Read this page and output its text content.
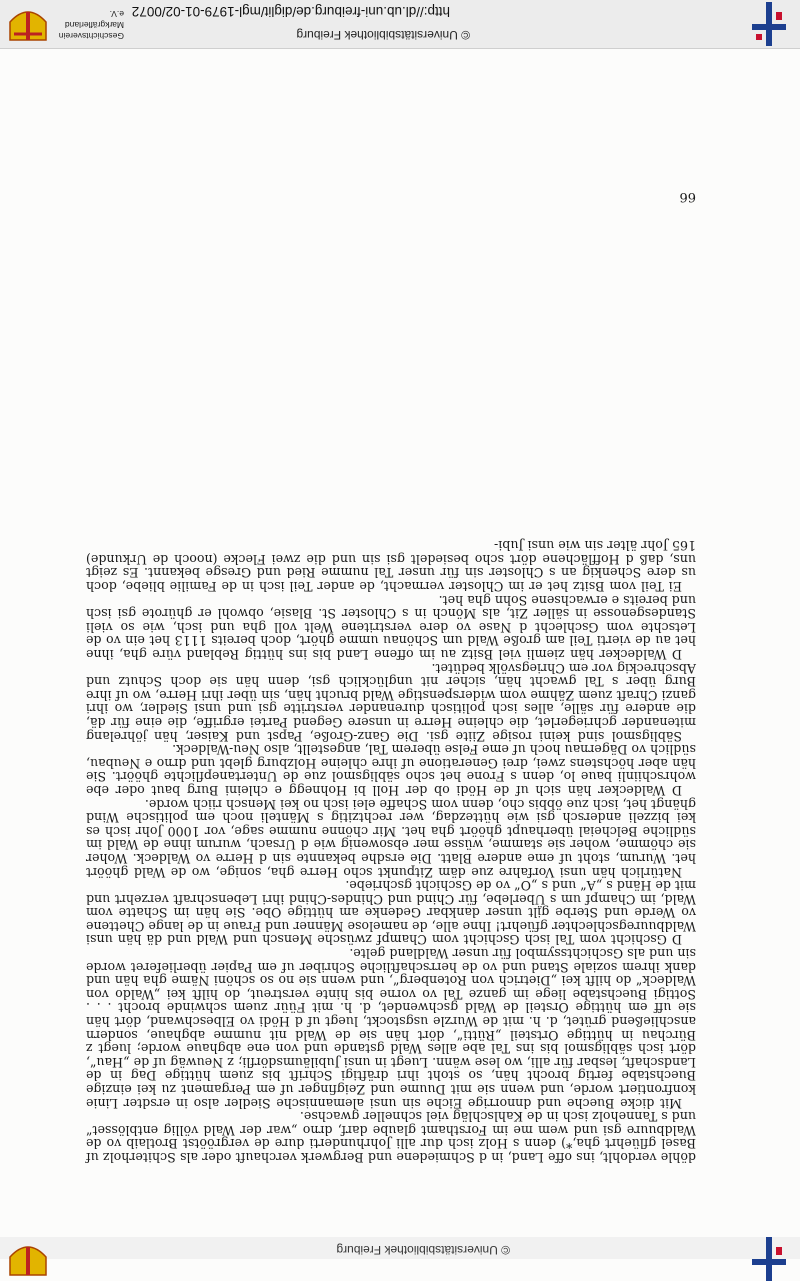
© Universitätsbibliothek Freiburg

döhle verdohlt, ins offe Land, in d Schmiedene und Bergwerk verchauft oder als Schiterholz uf Basel gflüehrt gha,*) denn s Holz isch dur alli Johrhunderti dure de vergröötst Brotlaib vo de Waldbuure gsi und wem me im Forsthamt glaube darf, drno „war der Wald völlig entblösset“ und s Tanneholz isch in de Kahlschläg viel schneller gwachse.

Mit dicke Bueche und dnnorrige Eiche sin unsi alemannische Siedler also in ersdter Linie konfrontiert worde, und wenn sie mit Duume und Zeigfinger uf em Pergament zu kei einzige Buechstabe fertig brocht hän, so stoht ihri dräftigi Schrift bis zuem hüttige Dag in de Landschaft, lesbar für alli, wo lese wänn. Luegt in unsi Jubiläumsdörfli; z Neuwäg uf de „Hau“, dört isch säbligsmol bis ins Tal abe alles Wald gstande und von ene abghaue worde; luegt z Bürchau in hüttige Ortsteil „Rütti“, dört hän sie de Wald nit numme abghaue, sondern anschließend grütet, d. h. mit de Wurzle usgstockt, luegt uf d Hödi vo Elbeschwand, dört hän sie uff em hüttige Orsteil de Wald gschwendet, d. h. mit Füür zuem schwinde brocht . . . Sottigi Buechstabe liege im ganze Tal vo vorne bis hinte verstreut, do hilft kei „Waldo von Waldeck“ do hilft kei „Dietrich von Rotenberg“, und wenn sie no so schöni Näme gha hän und dank ihrem soziale Stand und vo de herrschaftliche Schriber uf em Papier überlieferet worde sin und als Gschichtssymbol für unser Waldland gelte.

D Gschicht vom Tal isch Gschicht vom Champf zwüsche Mensch und Wald und dä hän unsi Waldbuuregschlechter gfüehrt! Ihne alle, de namelose Männer und Fraue in de lange Chettene vo Werde und Sterbe gilt unser dankbar Gedenke am hüttige Obe. Sie hän im Schatte vom Wald, im Champf um s Überlebe, für Chind und Chindes-Chind ihri Lebenschraft verzehrt und mit de Händ s „A“ und s „O“ vo de Gschicht gschriebe.

Natürlich hän unsi Vorfahre zue däm Zitpunkt scho Herre gha, sonige, wo de Wald ghöört het. Wurum, stoht uf eme andere Blatt. Die ersdhe bekannte sin d Herre vo Waldeck. Woher sie chömme, woher sie stamme, wüsse mer ebsowenig wie d Ursach, wurum ihne de Wald im südliche Belcheial überhaupt ghöört gha het. Mir chönne numme sage, vor 1000 Johr isch es kei bizzeli andersch gsi wie hüttezdag, wer rechtzitig s Mänteli noch em politische Wind ghängt het, isch zue öbbis cho, denn vom Schaffe elei isch no kei Mensch riich worde.

D Waldecker hän sich uf de Hödi ob der Holl bi Hohnegg e chleini Burg baut oder ebe wohrschiinli baue lo, denn s Frone het scho säbligsmol zue de Untertanepflichte ghöört. Sie hän aber höchstens zwei, drei Generatione uf ihre chleine Holzburg glebt und drno e Neubau, südlich vo Dägernau hoch uf eme Felse überem Tal, angestellt, also Neu-Waldeck.

Säbligsmol sind keini rosige Ziite gsi. Die Ganz-Große, Papst und Kaiser, hän jöhrelang mitenander gchriegerlet, die chleine Herre in unsere Gegend Partei ergriffe, die eine für dä, die andere für sälle, alles isch politisch durenander verstritte gsi und unsi Siedler, wo ihri ganzi Chraft zuem Zähme vom widerspenstige Wald brucht hän, sin über ihri Herre, wo uf ihre Burg über s Tal gwacht hän, sicher nit unglücklich gsi, denn hän sie doch Schutz und Abschreckig vor em Chriegsvölk bedütet.

D Waldecker hän ziemli viel Bsitz au im offene Land bis ins hüttig Rebland vüre gha, ihne het au de vierti Teil am große Wald um Schönau umme ghört, doch bereits 1113 het ein vo de Letschte vom Gschlecht d Nase vo dere verstritene Welt voll gha und isch, wie so vieli Standesgenosse in säller Zit, als Mönch in s Chloster St. Blasie, obwohl er ghürote gsi isch und bereits e erwachsene Sohn gha het.

Ei Teil vom Bsitz het er im Chloster vermacht, de ander Teil isch in de Familie bliebe, doch us dere Schenkig an s Chloster sin für unser Tal numme Ried und Gresge bekannt. Es zeigt uns, daß d Hofflächene dört scho besiedelt gsi sin und die zwei Flecke (nooch de Urkunde) 165 Johr älter sin wie unsi Jubi-

66
© Universitätsbibliothek Freiburg
http://dl.ub.uni-freiburg.de/diglit/mgl-1979-01-02/0072
Geschichtsverein
Markgräflerland e.V.
